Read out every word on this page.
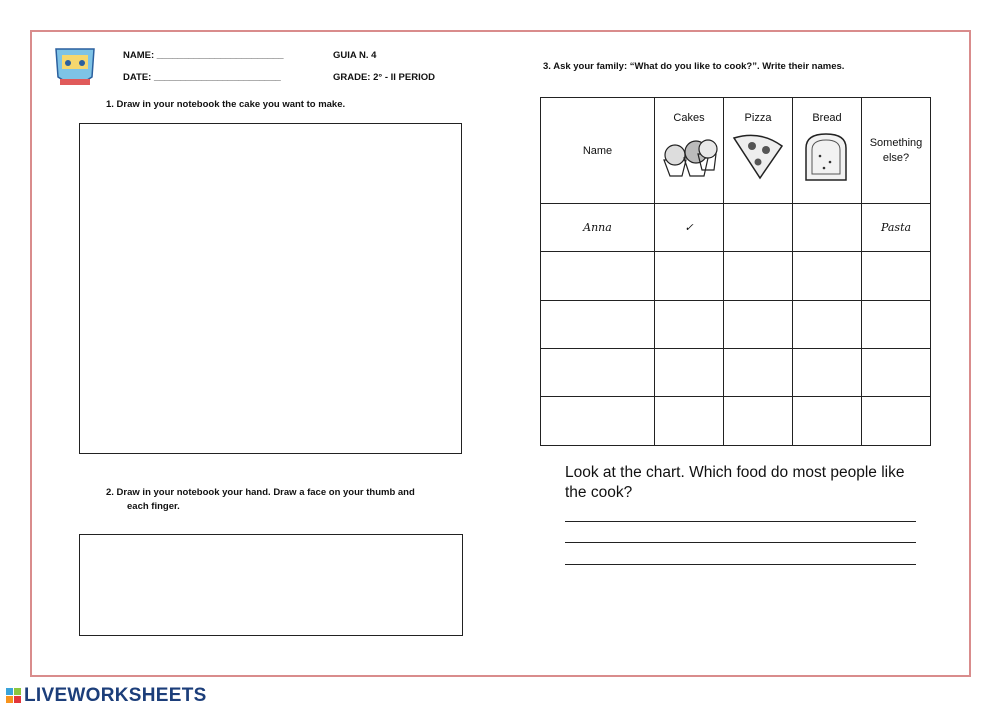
NAME: ________________________
DATE: ________________________
GUIA N. 4
GRADE: 2° - II PERIOD
1. Draw in your notebook the cake you want to make.
2. Draw in your notebook your hand. Draw a face on your thumb and
each finger.
3. Ask your family: “What do you like to cook?”. Write their names.
Name	Cakes	Pizza	Bread	Something else?

Anna	✓			Pasta

Look at the chart. Which food do most people like the cook?
LIVEWORKSHEETS
